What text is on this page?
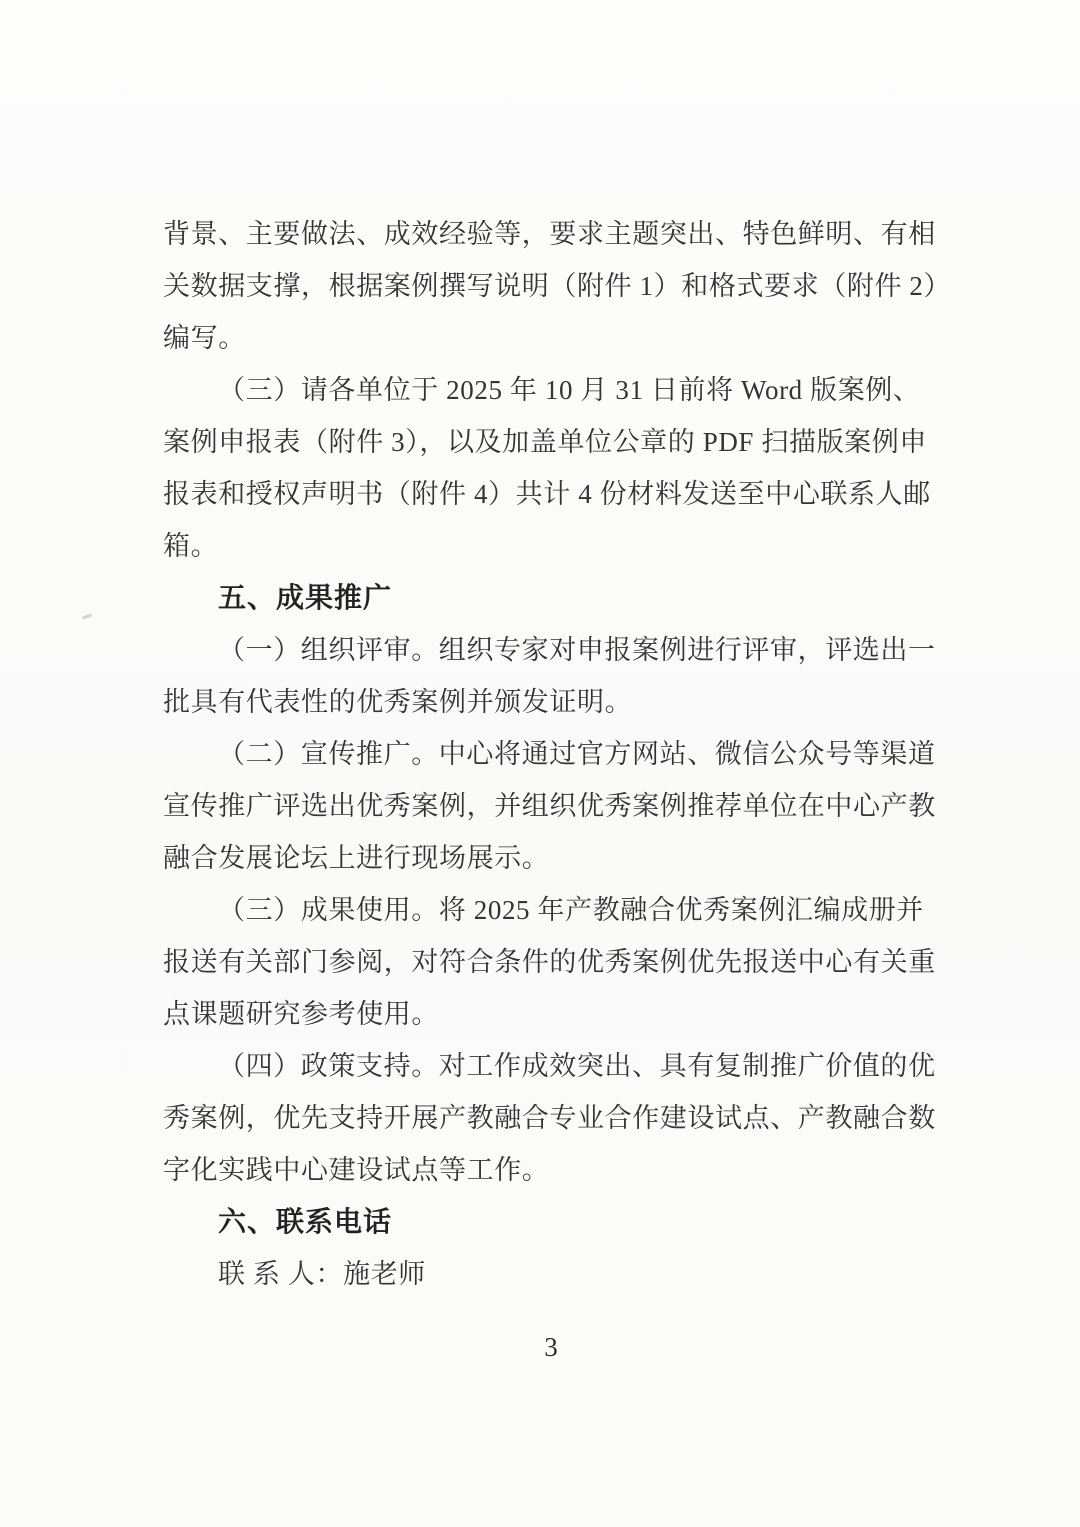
背景、主要做法、成效经验等，要求主题突出、特色鲜明、有相
关数据支撑，根据案例撰写说明（附件 1）和格式要求（附件 2）
编写。
（三）请各单位于 2025 年 10 月 31 日前将 Word 版案例、
案例申报表（附件 3），以及加盖单位公章的 PDF 扫描版案例申
报表和授权声明书（附件 4）共计 4 份材料发送至中心联系人邮
箱。
五、成果推广
（一）组织评审。组织专家对申报案例进行评审，评选出一
批具有代表性的优秀案例并颁发证明。
（二）宣传推广。中心将通过官方网站、微信公众号等渠道
宣传推广评选出优秀案例，并组织优秀案例推荐单位在中心产教
融合发展论坛上进行现场展示。
（三）成果使用。将 2025 年产教融合优秀案例汇编成册并
报送有关部门参阅，对符合条件的优秀案例优先报送中心有关重
点课题研究参考使用。
（四）政策支持。对工作成效突出、具有复制推广价值的优
秀案例，优先支持开展产教融合专业合作建设试点、产教融合数
字化实践中心建设试点等工作。
六、联系电话
联 系 人：施老师
3
